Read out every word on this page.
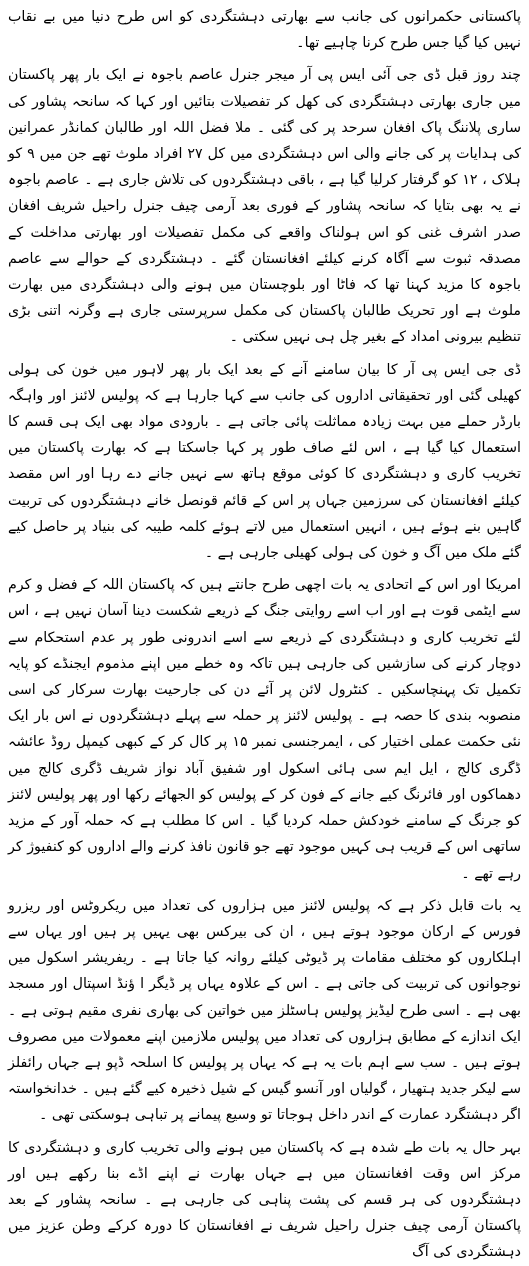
پاکستانی حکمرانوں کی جانب سے بھارتی دہشتگردی کو اس طرح دنیا میں بے نقاب نہیں کیا گیا جس طرح کرنا چاہیے تھا۔

چند روز قبل ڈی جی آئی ایس پی آر میجر جنرل عاصم باجوہ نے ایک بار پھر پاکستان میں جاری بھارتی دہشتگردی کی کھل کر تفصیلات بتائیں اور کہا کہ سانحہ پشاور کی ساری پلاننگ پاک افغان سرحد پر کی گئی ۔ ملا فضل اللہ اور طالبان کمانڈر عمرانین کی ہدایات پر کی جانے والی اس دہشتگردی میں کل ۲۷ افراد ملوث تھے جن میں ۹ کو ہلاک ، ۱۲ کو گرفتار کرلیا گیا ہے ، باقی دہشتگردوں کی تلاش جاری ہے ۔ عاصم باجوہ نے یہ بھی بتایا کہ سانحہ پشاور کے فوری بعد آرمی چیف جنرل راحیل شریف افغان صدر اشرف غنی کو اس ہولناک واقعے کی مکمل تفصیلات اور بھارتی مداخلت کے مصدقہ ثبوت سے آگاہ کرنے کیلئے افغانستان گئے ۔ دہشتگردی کے حوالے سے عاصم باجوہ کا مزید کہنا تھا کہ فاٹا اور بلوچستان میں ہونے والی دہشتگردی میں بھارت ملوث ہے اور تحریک طالبان پاکستان کی مکمل سرپرستی جاری ہے وگرنہ اتنی بڑی تنظیم بیرونی امداد کے بغیر چل ہی نہیں سکتی ۔

ڈی جی ایس پی آر کا بیان سامنے آنے کے بعد ایک بار پھر لاہور میں خون کی ہولی کھیلی گئی اور تحقیقاتی اداروں کی جانب سے کہا جارہا ہے کہ پولیس لائنز اور واہگہ بارڈر حملے میں بہت زیادہ مماثلت پائی جاتی ہے ۔ بارودی مواد بھی ایک ہی قسم کا استعمال کیا گیا ہے ، اس لئے صاف طور پر کہا جاسکتا ہے کہ بھارت پاکستان میں تخریب کاری و دہشتگردی کا کوئی موقع ہاتھ سے نہیں جانے دے رہا اور اس مقصد کیلئے افغانستان کی سرزمین جہاں پر اس کے قائم قونصل خانے دہشتگردوں کی تربیت گاہیں بنے ہوئے ہیں ، انہیں استعمال میں لاتے ہوئے کلمہ طیبہ کی بنیاد پر حاصل کیے گئے ملک میں آگ و خون کی ہولی کھیلی جارہی ہے ۔

امریکا اور اس کے اتحادی یہ بات اچھی طرح جانتے ہیں کہ پاکستان اللہ کے فضل و کرم سے ایٹمی قوت ہے اور اب اسے روایتی جنگ کے ذریعے شکست دینا آسان نہیں ہے ، اس لئے تخریب کاری و دہشتگردی کے ذریعے سے اسے اندرونی طور پر عدم استحکام سے دوچار کرنے کی سازشیں کی جارہی ہیں تاکہ وہ خطے میں اپنے مذموم ایجنڈے کو پایہ تکمیل تک پہنچاسکیں ۔ کنٹرول لائن پر آئے دن کی جارحیت بھارت سرکار کی اسی منصوبہ بندی کا حصہ ہے ۔ پولیس لائنز پر حملہ سے پہلے دہشتگردوں نے اس بار ایک نئی حکمت عملی اختیار کی ، ایمرجنسی نمبر ۱۵ پر کال کر کے کبھی کیمپل روڈ عائشہ ڈگری کالج ، ایل ایم سی ہائی اسکول اور شفیق آباد نواز شریف ڈگری کالج میں دھماکوں اور فائرنگ کیے جانے کے فون کر کے پولیس کو الجھائے رکھا اور پھر پولیس لائنز کو جرنگ کے سامنے خودکش حملہ کردیا گیا ۔ اس کا مطلب ہے کہ حملہ آور کے مزید ساتھی اس کے قریب ہی کہیں موجود تھے جو قانون نافذ کرنے والے اداروں کو کنفیوژ کر رہے تھے ۔

یہ بات قابل ذکر ہے کہ پولیس لائنز میں ہزاروں کی تعداد میں ریکروٹس اور ریزرو فورس کے ارکان موجود ہوتے ہیں ، ان کی بیرکس بھی یہیں پر ہیں اور یہاں سے اہلکاروں کو مختلف مقامات پر ڈیوٹی کیلئے روانہ کیا جاتا ہے ۔ ریفریشر اسکول میں نوجوانوں کی تربیت کی جاتی ہے ۔ اس کے علاوہ یہاں پر ڈیگر ا ؤنڈ اسپتال اور مسجد بھی ہے ۔ اسی طرح لیڈیز پولیس ہاسٹلز میں خواتین کی بھاری نفری مقیم ہوتی ہے ۔ ایک اندازے کے مطابق ہزاروں کی تعداد میں پولیس ملازمین اپنے معمولات میں مصروف ہوتے ہیں ۔ سب سے اہم بات یہ ہے کہ یہاں پر پولیس کا اسلحہ ڈپو ہے جہاں رائفلز سے لیکر جدید ہتھیار ، گولیاں اور آنسو گیس کے شیل ذخیرہ کیے گئے ہیں ۔ خدانخواستہ اگر دہشتگرد عمارت کے اندر داخل ہوجاتا تو وسیع پیمانے پر تباہی ہوسکتی تھی ۔

بہر حال یہ بات طے شدہ ہے کہ پاکستان میں ہونے والی تخریب کاری و دہشتگردی کا مرکز اس وقت افغانستان میں ہے جہاں بھارت نے اپنے اڈے بنا رکھے ہیں اور دہشتگردوں کی ہر قسم کی پشت پناہی کی جارہی ہے ۔ سانحہ پشاور کے بعد پاکستان آرمی چیف جنرل راحیل شریف نے افغانستان کا دورہ کرکے وطن عزیز میں دہشتگردی کی آگ
